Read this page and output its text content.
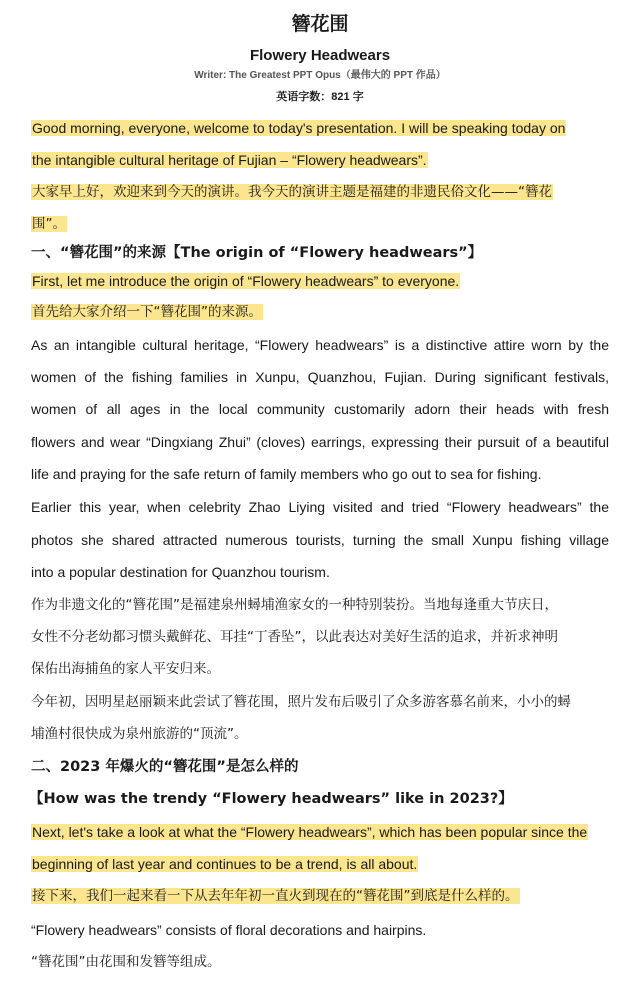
簪花围
Flowery Headwears
Writer: The Greatest PPT Opus（最伟大的 PPT 作品）
英语字数：821 字
Good morning, everyone, welcome to today's presentation. I will be speaking today on
the intangible cultural heritage of Fujian – “Flowery headwears”.
大家早上好，欢迎来到今天的演讲。我今天的演讲主题是福建的非遗民俗文化——“簪花
围”。
一、“簪花围”的来源【The origin of “Flowery headwears”】
First, let me introduce the origin of “Flowery headwears” to everyone.
首先给大家介绍一下“簪花围”的来源。
As an intangible cultural heritage, “Flowery headwears” is a distinctive attire worn by the
women of the fishing families in Xunpu, Quanzhou, Fujian. During significant festivals,
women of all ages in the local community customarily adorn their heads with fresh
flowers and wear “Dingxiang Zhui” (cloves) earrings, expressing their pursuit of a beautiful
life and praying for the safe return of family members who go out to sea for fishing.
Earlier this year, when celebrity Zhao Liying visited and tried “Flowery headwears” the
photos she shared attracted numerous tourists, turning the small Xunpu fishing village
into a popular destination for Quanzhou tourism.
作为非遗文化的“簪花围”是福建泉州蟳埔渔家女的一种特别装扮。当地每逢重大节庆日，
女性不分老幼都习惯头戴鲜花、耳挂“丁香坠”，以此表达对美好生活的追求，并祈求神明
保佑出海捕鱼的家人平安归来。
今年初，因明星赵丽颖来此尝试了簪花围，照片发布后吸引了众多游客慕名前来，小小的蟳
埔渔村很快成为泉州旅游的“顶流”。
二、2023 年爆火的“簪花围”是怎么样的
【How was the trendy “Flowery headwears” like in 2023?】
Next, let's take a look at what the “Flowery headwears”, which has been popular since the
beginning of last year and continues to be a trend, is all about.
接下来，我们一起来看一下从去年年初一直火到现在的“簪花围”到底是什么样的。
“Flowery headwears” consists of floral decorations and hairpins.
“簪花围”由花围和发簪等组成。
